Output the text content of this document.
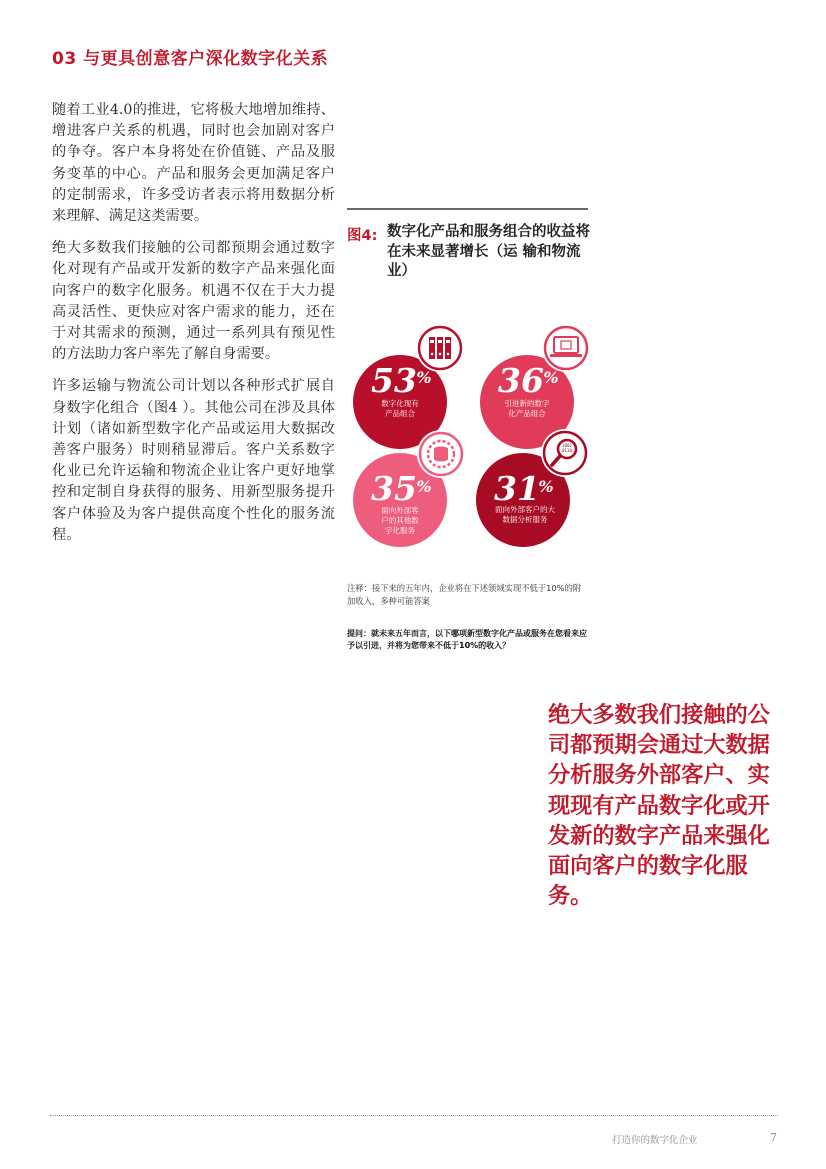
03 与更具创意客户深化数字化关系

随着工业4.0的推进，它将极大地增加维持、增进客户关系的机遇，同时也会加剧对客户的争夺。客户本身将处在价值链、产品及服务变革的中心。产品和服务会更加满足客户的定制需求，许多受访者表示将用数据分析来理解、满足这类需要。

绝大多数我们接触的公司都预期会通过数字化对现有产品或开发新的数字产品来强化面向客户的数字化服务。机遇不仅在于大力提高灵活性、更快应对客户需求的能力，还在于对其需求的预测，通过一系列具有预见性的方法助力客户率先了解自身需要。

许多运输与物流公司计划以各种形式扩展自身数字化组合（图4 ）。其他公司在涉及具体计划（诸如新型数字化产品或运用大数据改善客户服务）时则稍显滞后。客户关系数字化业已允许运输和物流企业让客户更好地掌控和定制自身获得的服务、用新型服务提升客户体验及为客户提供高度个性化的服务流程。

图4: 数字化产品和服务组合的收益将在未来显著增长（运 输和物流业）
53 %
数字化现有
产品组合
36 %
引进新的数字
化产品组合
35 %
面向外部客
户的其他数
字化服务
1001
0110
31
%
面向外部客户的大
数据分析服务

注释：接下来的五年内，企业将在下述领域实现不低于10%的附加收入，多种可能答案

提问：就未来五年而言，以下哪项新型数字化产品或服务在您看来应予以引进，并将为您带来不低于10%的收入？

绝大多数我们接触的公司都预期会通过大数据分析服务外部客户、实现现有产品数字化或开发新的数字产品来强化面向客户的数字化服务。

打造你的数字化企业	7
